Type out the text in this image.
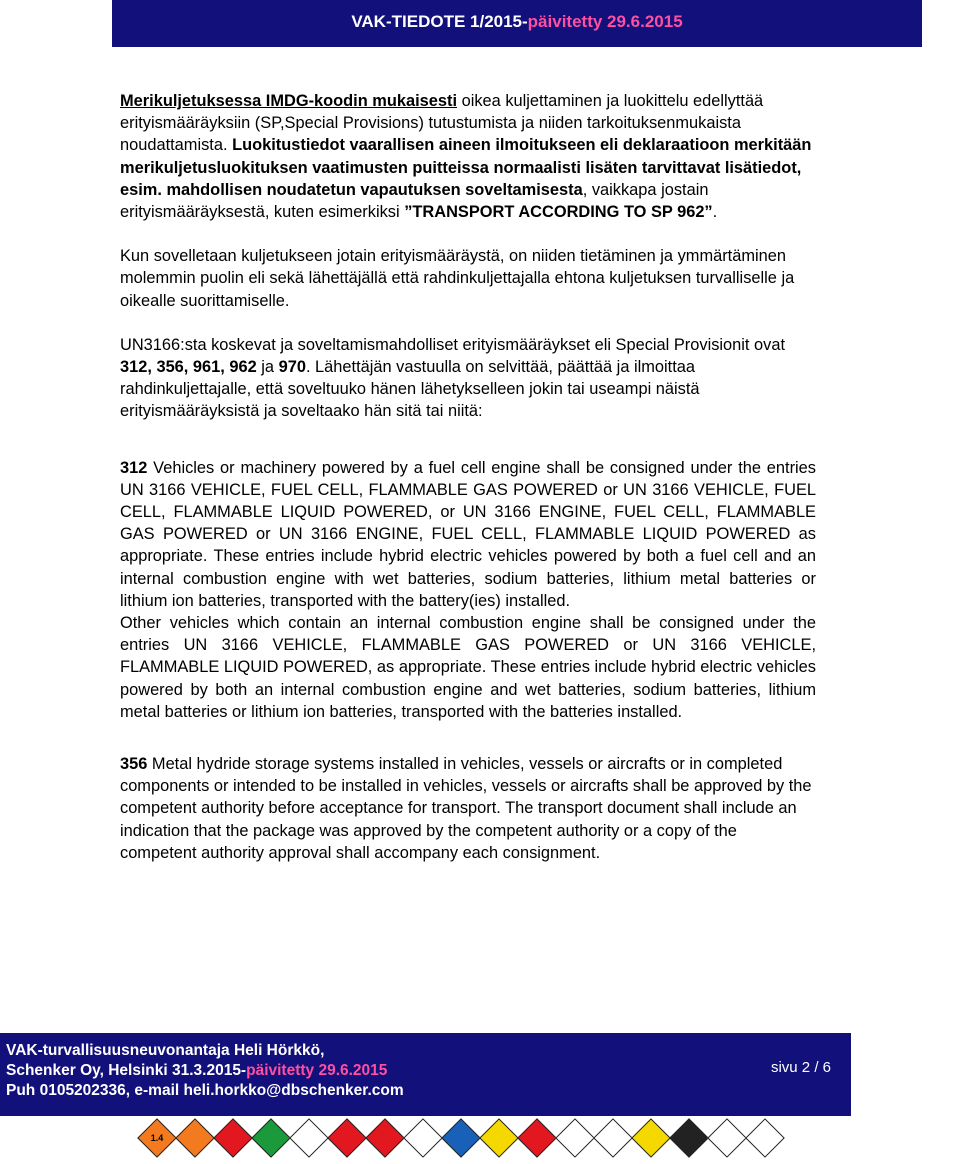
VAK-TIEDOTE 1/2015-päivitetty 29.6.2015

Merikuljetuksessa IMDG-koodin mukaisesti oikea kuljettaminen ja luokittelu edellyttää erityismääräyksiin (SP,Special Provisions) tutustumista ja niiden tarkoituksenmukaista noudattamista. Luokitustiedot vaarallisen aineen ilmoitukseen eli deklaraatioon merkitään merikuljetusluokituksen vaatimusten puitteissa normaalisti lisäten tarvittavat lisätiedot, esim. mahdollisen noudatetun vapautuksen soveltamisesta, vaikkapa jostain erityismääräyksestä, kuten esimerkiksi ”TRANSPORT ACCORDING TO SP 962”.

Kun sovelletaan kuljetukseen jotain erityismääräystä, on niiden tietäminen ja ymmärtäminen molemmin puolin eli sekä lähettäjällä että rahdinkuljettajalla ehtona kuljetuksen turvalliselle ja oikealle suorittamiselle.

UN3166:sta koskevat ja soveltamismahdolliset erityismääräykset eli Special Provisionit ovat 312, 356, 961, 962 ja 970. Lähettäjän vastuulla on selvittää, päättää ja ilmoittaa rahdinkuljettajalle, että soveltuuko hänen lähetykselleen jokin tai useampi näistä erityismääräyksistä ja soveltaako hän sitä tai niitä:

312 Vehicles or machinery powered by a fuel cell engine shall be consigned under the entries UN 3166 VEHICLE, FUEL CELL, FLAMMABLE GAS POWERED or UN 3166 VEHICLE, FUEL CELL, FLAMMABLE LIQUID POWERED, or UN 3166 ENGINE, FUEL CELL, FLAMMABLE GAS POWERED or UN 3166 ENGINE, FUEL CELL, FLAMMABLE LIQUID POWERED as appropriate. These entries include hybrid electric vehicles powered by both a fuel cell and an internal combustion engine with wet batteries, sodium batteries, lithium metal batteries or lithium ion batteries, transported with the battery(ies) installed.

Other vehicles which contain an internal combustion engine shall be consigned under the entries UN 3166 VEHICLE, FLAMMABLE GAS POWERED or UN 3166 VEHICLE, FLAMMABLE LIQUID POWERED, as appropriate. These entries include hybrid electric vehicles powered by both an internal combustion engine and wet batteries, sodium batteries, lithium metal batteries or lithium ion batteries, transported with the batteries installed.

356 Metal hydride storage systems installed in vehicles, vessels or aircrafts or in completed components or intended to be installed in vehicles, vessels or aircrafts shall be approved by the competent authority before acceptance for transport. The transport document shall include an indication that the package was approved by the competent authority or a copy of the competent authority approval shall accompany each consignment.

VAK-turvallisuusneuvonantaja Heli Hörkkö,
Schenker Oy, Helsinki 31.3.2015-päivitetty 29.6.2015
Puh 0105202336, e-mail heli.horkko@dbschenker.com
sivu 2 / 6
1.4
